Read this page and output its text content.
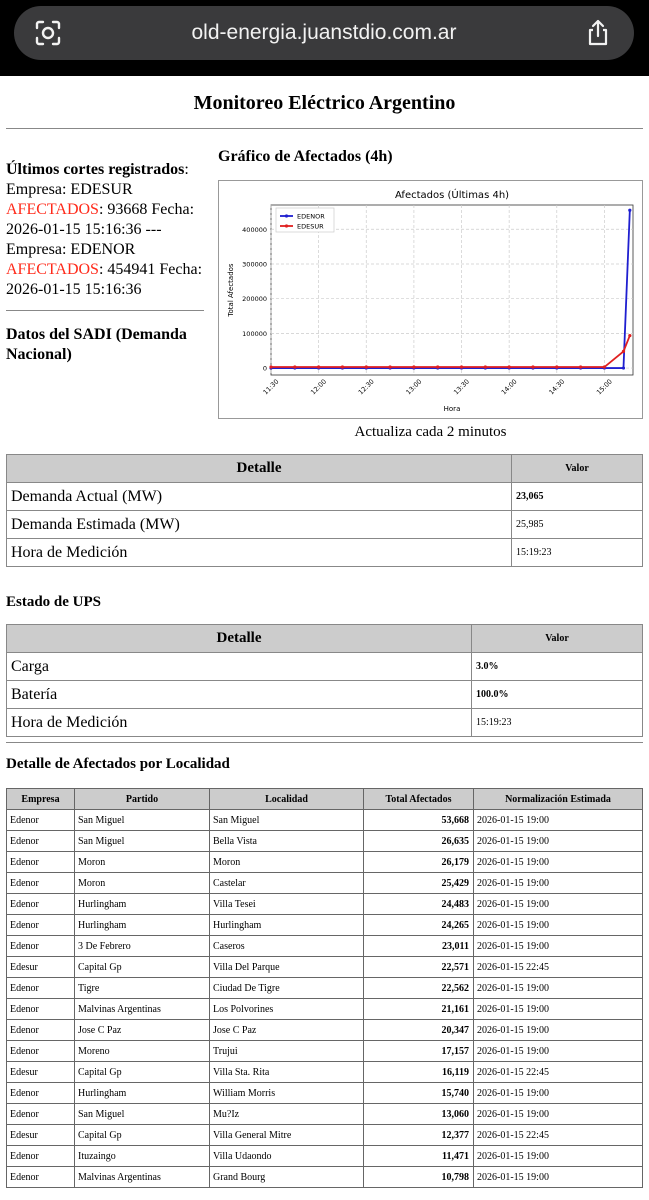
old-energia.juanstdio.com.ar
Monitoreo Eléctrico Argentino
Últimos cortes registrados:
Empresa: EDESUR
AFECTADOS: 93668 Fecha: 2026-01-15 15:16:36 ---
Empresa: EDENOR
AFECTADOS: 454941 Fecha: 2026-01-15 15:16:36
Datos del SADI (Demanda Nacional)
Gráfico de Afectados (4h)
Afectados (Últimas 4h)
0
100000
200000
300000
400000
11:30	12:00	12:30	13:00	13:30	14:00	14:30	15:00
Hora
Total Afectados
EDENOR
EDESUR
Actualiza cada 2 minutos
Detalle	Valor
Demanda Actual (MW)	23,065
Demanda Estimada (MW)	25,985
Hora de Medición	15:19:23
Estado de UPS
Detalle	Valor
Carga	3.0%
Batería	100.0%
Hora de Medición	15:19:23
Detalle de Afectados por Localidad
Empresa	Partido	Localidad	Total Afectados	Normalización Estimada
Edenor	San Miguel	San Miguel	53,668	2026-01-15 19:00
Edenor	San Miguel	Bella Vista	26,635	2026-01-15 19:00
Edenor	Moron	Moron	26,179	2026-01-15 19:00
Edenor	Moron	Castelar	25,429	2026-01-15 19:00
Edenor	Hurlingham	Villa Tesei	24,483	2026-01-15 19:00
Edenor	Hurlingham	Hurlingham	24,265	2026-01-15 19:00
Edenor	3 De Febrero	Caseros	23,011	2026-01-15 19:00
Edesur	Capital Gp	Villa Del Parque	22,571	2026-01-15 22:45
Edenor	Tigre	Ciudad De Tigre	22,562	2026-01-15 19:00
Edenor	Malvinas Argentinas	Los Polvorines	21,161	2026-01-15 19:00
Edenor	Jose C Paz	Jose C Paz	20,347	2026-01-15 19:00
Edenor	Moreno	Trujui	17,157	2026-01-15 19:00
Edesur	Capital Gp	Villa Sta. Rita	16,119	2026-01-15 22:45
Edenor	Hurlingham	William Morris	15,740	2026-01-15 19:00
Edenor	San Miguel	Mu?Iz	13,060	2026-01-15 19:00
Edesur	Capital Gp	Villa General Mitre	12,377	2026-01-15 22:45
Edenor	Ituzaingo	Villa Udaondo	11,471	2026-01-15 19:00
Edenor	Malvinas Argentinas	Grand Bourg	10,798	2026-01-15 19:00
